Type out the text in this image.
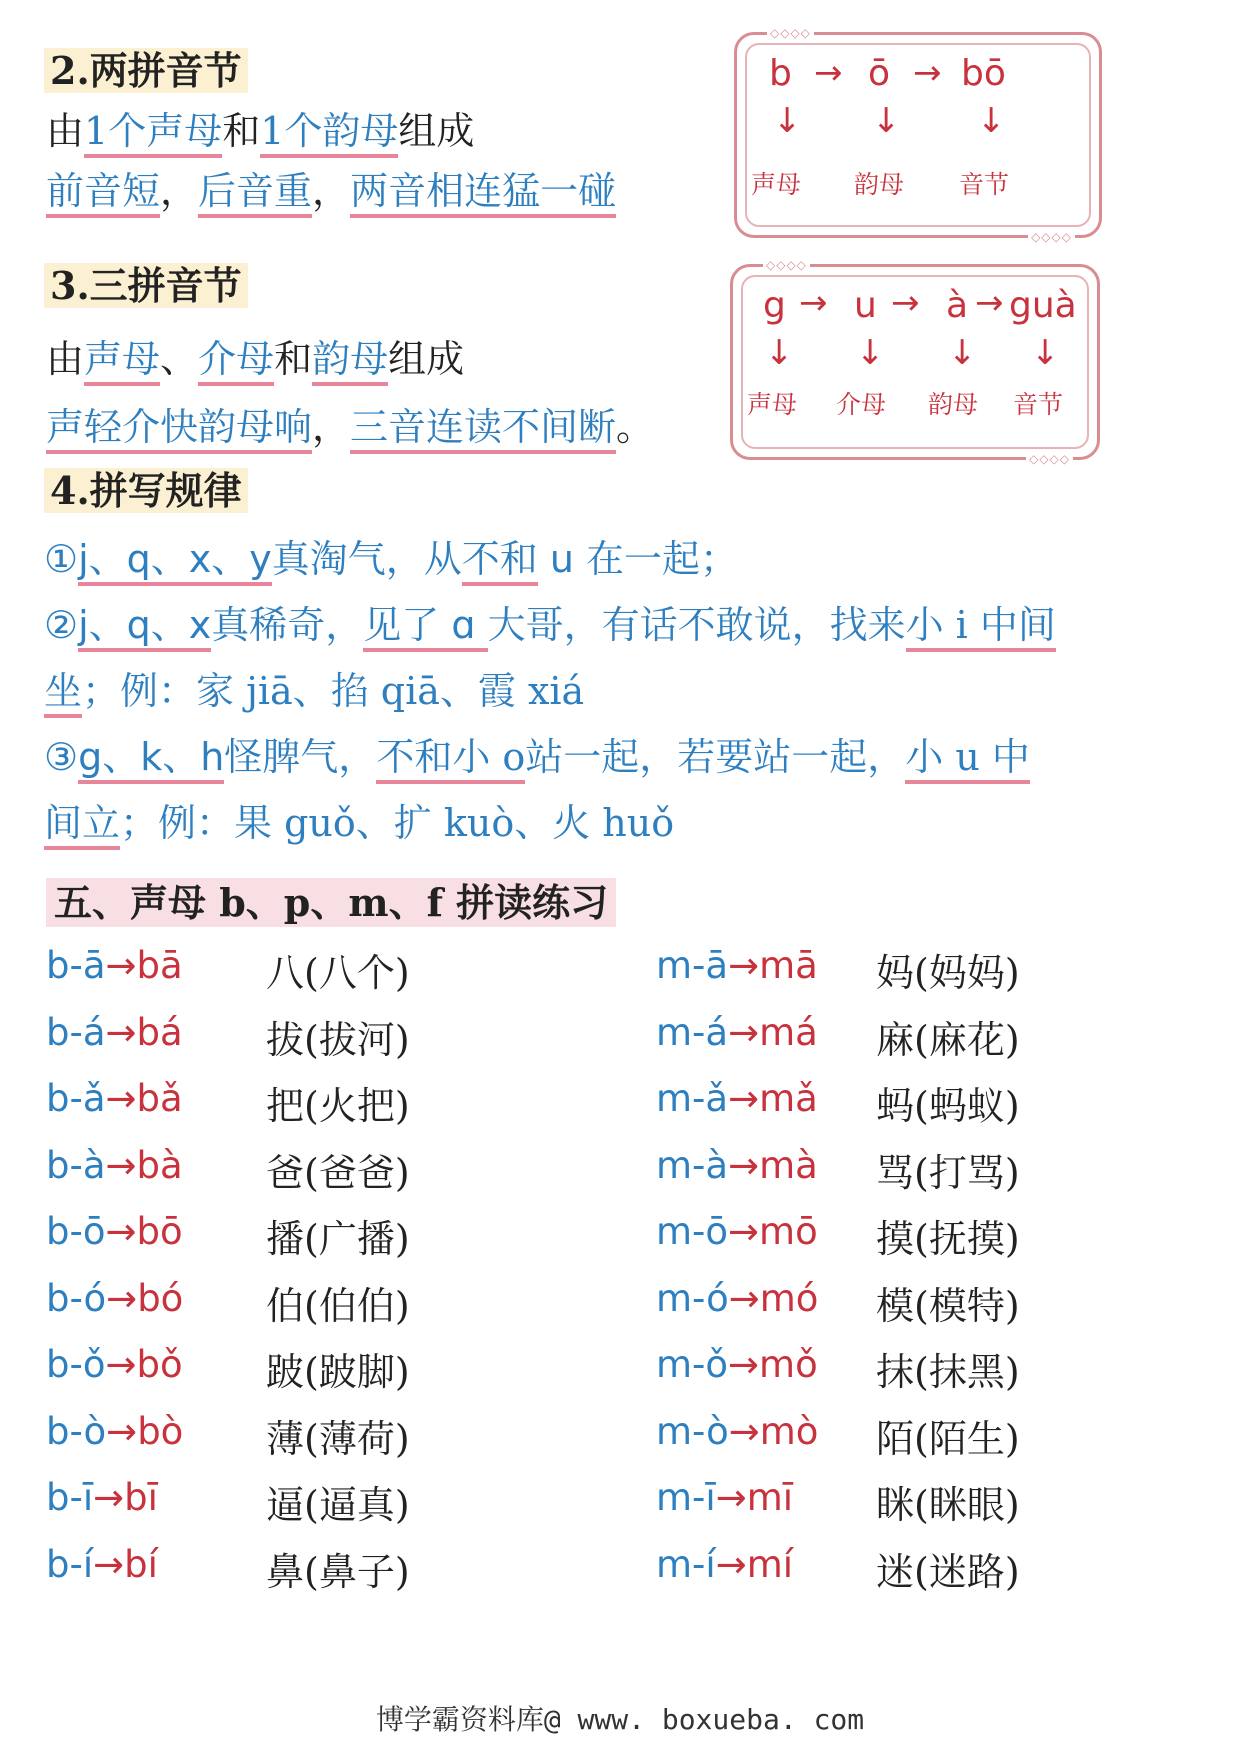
2.两拼音节
由1个声母和1个韵母组成
前音短，后音重，两音相连猛一碰
◇◇◇◇
◇◇◇◇
b → ō → bō
↓ ↓ ↓
声母 韵母 音节
3.三拼音节
由声母、介母和韵母组成
声轻介快韵母响，三音连读不间断。
◇◇◇◇
◇◇◇◇
g → u → à → guà
↓ ↓ ↓ ↓
声母 介母 韵母 音节
4.拼写规律
①j、q、x、y真淘气，从不和 u 在一起；
②j、q、x真稀奇，见了 ɑ 大哥，有话不敢说，找来小 i 中间
坐；例：家 jiā、掐 qiā、霞 xiá
③g、k、h怪脾气，不和小 o站一起，若要站一起，小 u 中
间立；例：果 guǒ、扩 kuò、火 huǒ
五、声母 b、p、m、f 拼读练习
b-ā→bā 八(八个)
b-á→bá 拔(拔河)
b-ǎ→bǎ 把(火把)
b-à→bà 爸(爸爸)
b-ō→bō 播(广播)
b-ó→bó 伯(伯伯)
b-ǒ→bǒ 跛(跛脚)
b-ò→bò 薄(薄荷)
b-ī→bī	逼(逼真)
b-í→bí	鼻(鼻子)
m-ā→mā 妈(妈妈)
m-á→má 麻(麻花)
m-ǎ→mǎ 蚂(蚂蚁)
m-à→mà 骂(打骂)
m-ō→mō 摸(抚摸)
m-ó→mó 模(模特)
m-ǒ→mǒ 抹(抹黑)
m-ò→mò 陌(陌生)
m-ī→mī 眯(眯眼)
m-í→mí 迷(迷路)
博学霸资料库@ www. boxueba. com
